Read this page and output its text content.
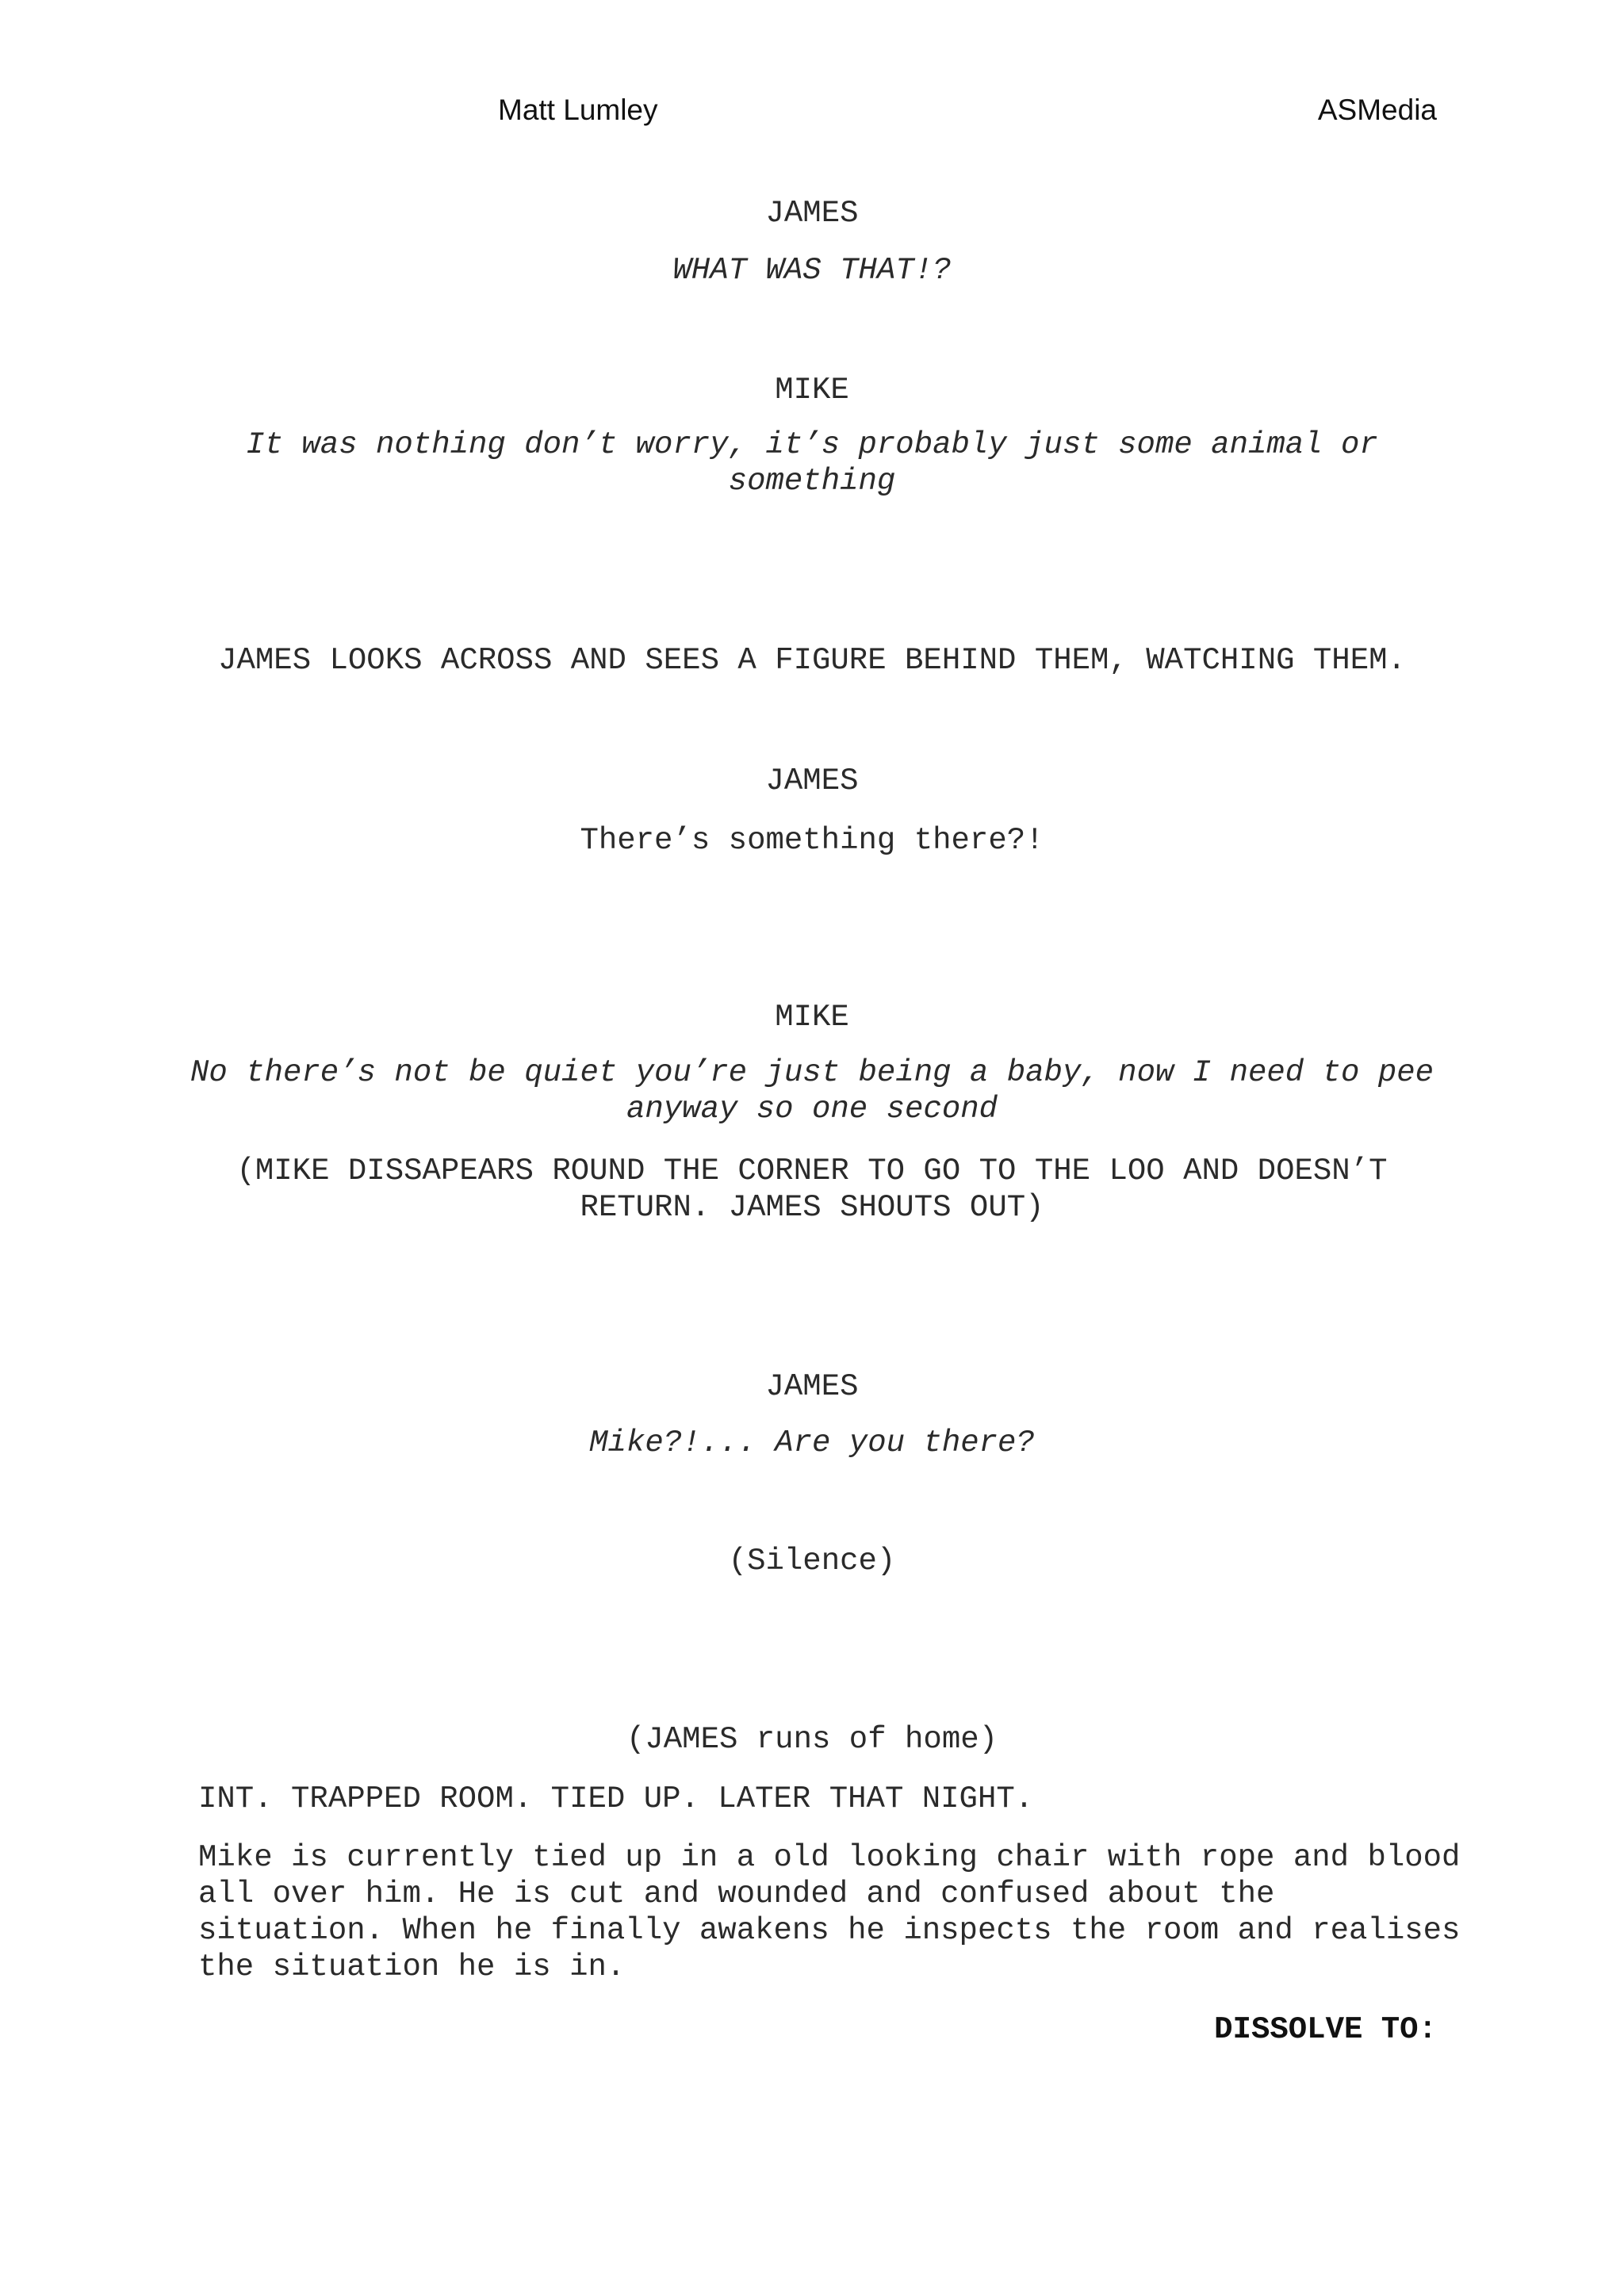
Matt Lumley	ASMedia
JAMES
WHAT WAS THAT!?
MIKE
It was nothing don’t worry, it’s probably just some animal or
something
JAMES LOOKS ACROSS AND SEES A FIGURE BEHIND THEM, WATCHING THEM.
JAMES
There’s something there?!
MIKE
No there’s not be quiet you’re just being a baby, now I need to pee
anyway so one second
(MIKE DISSAPEARS ROUND THE CORNER TO GO TO THE LOO AND DOESN’T
RETURN. JAMES SHOUTS OUT)
JAMES
Mike?!... Are you there?
(Silence)
(JAMES runs of home)
INT. TRAPPED ROOM. TIED UP. LATER THAT NIGHT.
Mike is currently tied up in a old looking chair with rope and blood
all over him. He is cut and wounded and confused about the
situation. When he finally awakens he inspects the room and realises
the situation he is in.
DISSOLVE TO:
